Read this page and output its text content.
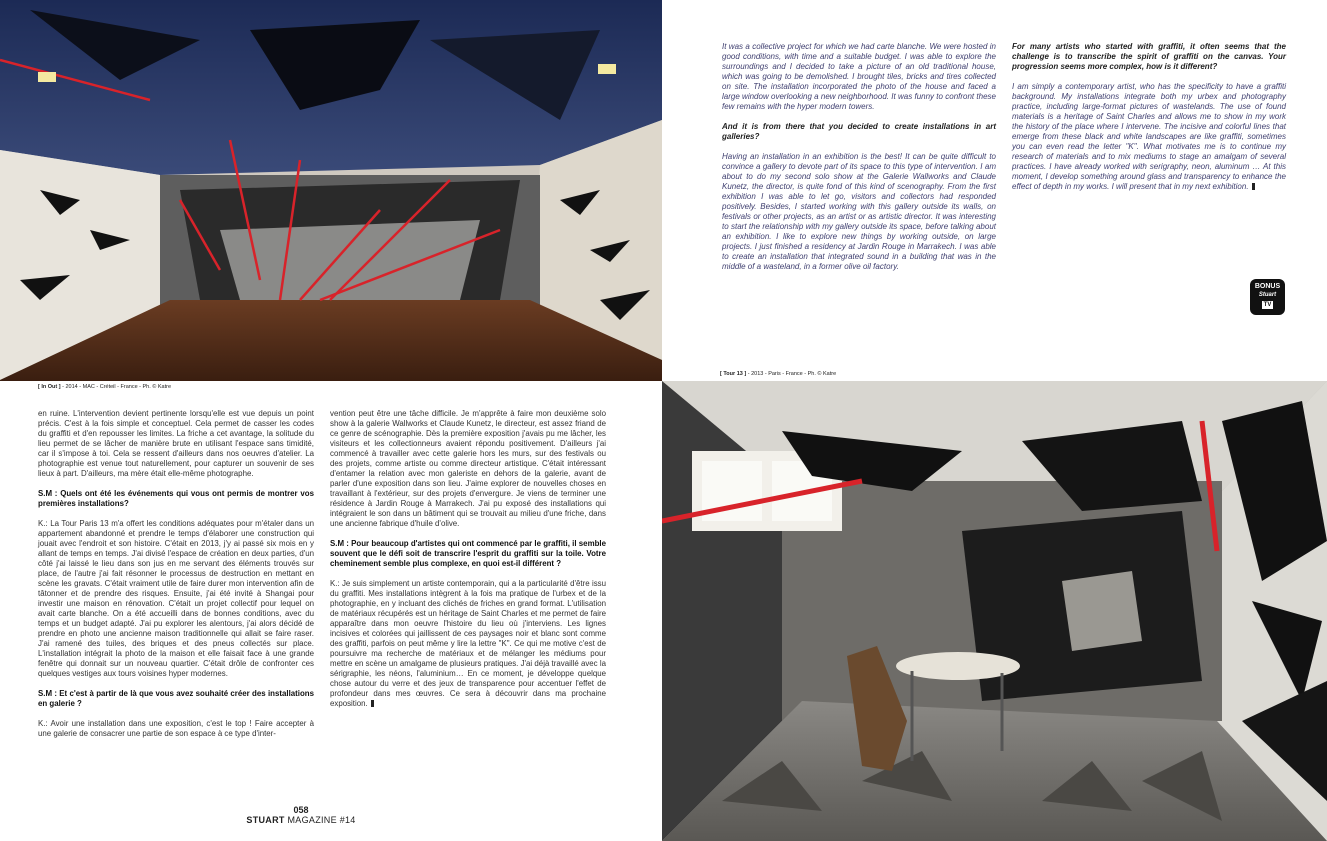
[ In Out ] - 2014 - MAC - Créteil - France - Ph. © Katre

It was a collective project for which we had carte blanche. We were hosted in good conditions, with time and a suitable budget. I was able to explore the surroundings and I decided to take a picture of an old traditional house, which was going to be demolished. I brought tiles, bricks and tires collected on site. The installation incorporated the photo of the house and faced a large window overlooking a new neighborhood. It was funny to confront these few remains with the hyper modern towers.

And it is from there that you decided to create installations in art galleries?

Having an installation in an exhibition is the best! It can be quite difficult to convince a gallery to devote part of its space to this type of intervention. I am about to do my second solo show at the Galerie Wallworks and Claude Kunetz, the director, is quite fond of this kind of scenography. From the first exhibition I was able to let go, visitors and collectors had responded positively. Besides, I started working with this gallery outside its walls, on festivals or other projects, as an artist or as artistic director. It was interesting to start the relationship with my gallery outside its space, before talking about an exhibition. I like to explore new things by working outside, on large projects. I just finished a residency at Jardin Rouge in Marrakech. I was able to create an installation that integrated sound in a building that was in the middle of a wasteland, in a former olive oil factory.

For many artists who started with graffiti, it often seems that the challenge is to transcribe the spirit of graffiti on the canvas. Your progression seems more complex, how is it different?

I am simply a contemporary artist, who has the specificity to have a graffiti background. My installations integrate both my urbex and photography practice, including large-format pictures of wastelands. The use of found materials is a heritage of Saint Charles and allows me to show in my work the history of the place where I intervene. The incisive and colorful lines that emerge from these black and white landscapes are like graffiti, sometimes you can even read the letter "K". What motivates me is to continue my research of materials and to mix mediums to stage an amalgam of several practices. I have already worked with serigraphy, neon, aluminum … At this moment, I develop something around glass and transparency to enhance the effect of depth in my works. I will present that in my next exhibition.

BONUS
Stuart
TV
[ Tour 13 ] - 2013 - Paris - France - Ph. © Katre

en ruine. L'intervention devient pertinente lorsqu'elle est vue depuis un point précis. C'est à la fois simple et conceptuel. Cela permet de casser les codes du graffiti et d'en repousser les limites. La friche a cet avantage, la solitude du lieu permet de se lâcher de manière brute en utilisant l'espace sans timidité, car il s'impose à toi. Cela se ressent d'ailleurs dans nos oeuvres d'atelier. La photographie est venue tout naturellement, pour capturer un souvenir de ses lieux à part. D'ailleurs, ma mère était elle-même photographe.

S.M : Quels ont été les événements qui vous ont permis de montrer vos premières installations?

K.: La Tour Paris 13 m'a offert les conditions adéquates pour m'étaler dans un appartement abandonné et prendre le temps d'élaborer une construction qui jouait avec l'endroit et son histoire. C'était en 2013, j'y ai passé six mois en y allant de temps en temps. J'ai divisé l'espace de création en deux parties, d'un côté j'ai laissé le lieu dans son jus en me servant des éléments trouvés sur place, de l'autre j'ai fait résonner le processus de destruction en mettant en scène les gravats. C'était vraiment utile de faire durer mon intervention afin de tâtonner et de prendre des risques. Ensuite, j'ai été invité à Shangai pour investir une maison en rénovation. C'était un projet collectif pour lequel on avait carte blanche. On a été accueilli dans de bonnes conditions, avec du temps et un budget adapté. J'ai pu explorer les alentours, j'ai alors décidé de prendre en photo une ancienne maison traditionnelle qui allait se faire raser. J'ai ramené des tuiles, des briques et des pneus collectés sur place. L'installation intégrait la photo de la maison et elle faisait face à une grande fenêtre qui donnait sur un nouveau quartier. C'était drôle de confronter ces quelques vestiges aux tours voisines hyper modernes.

S.M : Et c'est à partir de là que vous avez souhaité créer des installations en galerie ?

K.: Avoir une installation dans une exposition, c'est le top ! Faire accepter à une galerie de consacrer une partie de son espace à ce type d'inter-

vention peut être une tâche difficile. Je m'apprête à faire mon deuxième solo show à la galerie Wallworks et Claude Kunetz, le directeur, est assez friand de ce genre de scénographie. Dès la première exposition j'avais pu me lâcher, les visiteurs et les collectionneurs avaient répondu positivement. D'ailleurs j'ai commencé à travailler avec cette galerie hors les murs, sur des festivals ou des projets, comme artiste ou comme directeur artistique. C'était intéressant d'entamer la relation avec mon galeriste en dehors de la galerie, avant de parler d'une exposition dans son lieu. J'aime explorer de nouvelles choses en travaillant à l'extérieur, sur des projets d'envergure. Je viens de terminer une résidence à Jardin Rouge à Marrakech. J'ai pu exposé des installations qui intégraient le son dans un bâtiment qui se trouvait au milieu d'une friche, dans une ancienne fabrique d'huile d'olive.

S.M : Pour beaucoup d'artistes qui ont commencé par le graffiti, il semble souvent que le défi soit de transcrire l'esprit du graffiti sur la toile. Votre cheminement semble plus complexe, en quoi est-il différent ?

K.: Je suis simplement un artiste contemporain, qui a la particularité d'être issu du graffiti. Mes installations intègrent à la fois ma pratique de l'urbex et de la photographie, en y incluant des clichés de friches en grand format. L'utilisation de matériaux récupérés est un héritage de Saint Charles et me permet de faire apparaître dans mon oeuvre l'histoire du lieu où j'interviens. Les lignes incisives et colorées qui jaillissent de ces paysages noir et blanc sont comme des graffiti, parfois on peut même y lire la lettre "K". Ce qui me motive c'est de poursuivre ma recherche de matériaux et de mélanger les médiums pour mettre en scène un amalgame de plusieurs pratiques. J'ai déjà travaillé avec la sérigraphie, les néons, l'aluminium… En ce moment, je développe quelque chose autour du verre et des jeux de transparence pour accentuer l'effet de profondeur dans mes œuvres. Ce sera à découvrir dans ma prochaine exposition.

058
STUART MAGAZINE #14
